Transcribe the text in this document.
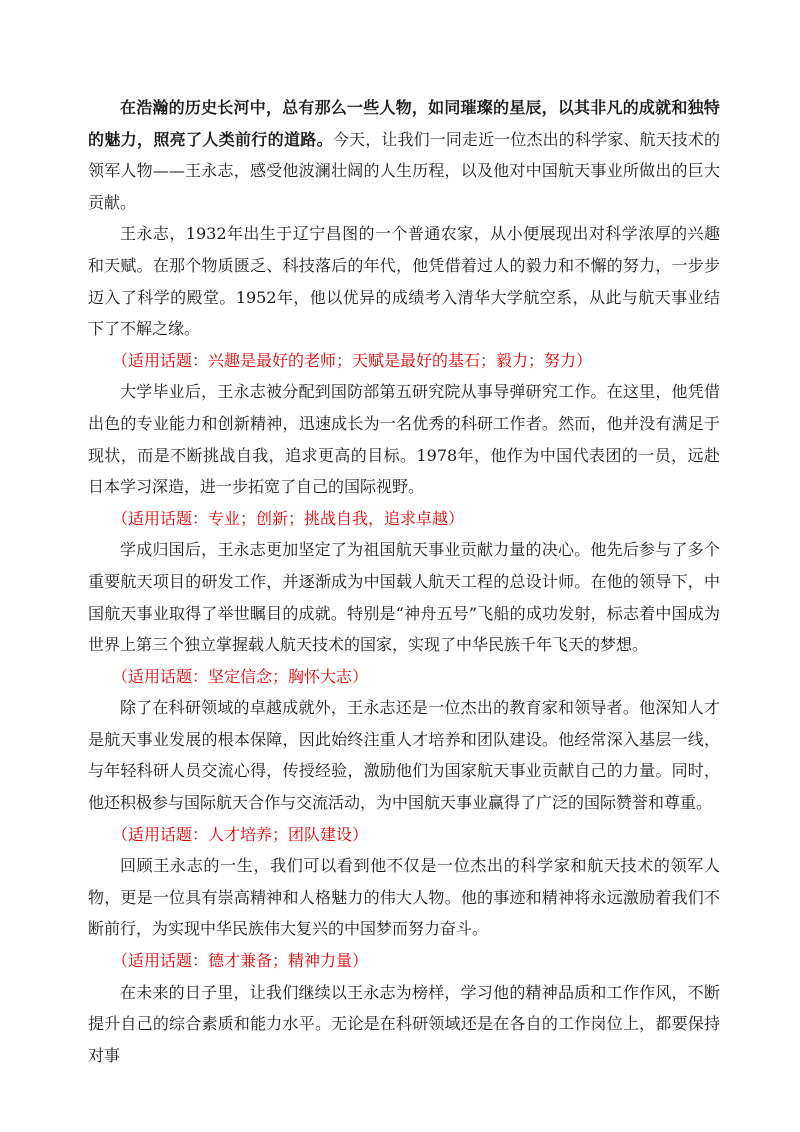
在浩瀚的历史长河中，总有那么一些人物，如同璀璨的星辰，以其非凡的成就和独特的魅力，照亮了人类前行的道路。今天，让我们一同走近一位杰出的科学家、航天技术的领军人物——王永志，感受他波澜壮阔的人生历程，以及他对中国航天事业所做出的巨大贡献。

王永志，1932年出生于辽宁昌图的一个普通农家，从小便展现出对科学浓厚的兴趣和天赋。在那个物质匮乏、科技落后的年代，他凭借着过人的毅力和不懈的努力，一步步迈入了科学的殿堂。1952年，他以优异的成绩考入清华大学航空系，从此与航天事业结下了不解之缘。

（适用话题：兴趣是最好的老师；天赋是最好的基石；毅力；努力）

大学毕业后，王永志被分配到国防部第五研究院从事导弹研究工作。在这里，他凭借出色的专业能力和创新精神，迅速成长为一名优秀的科研工作者。然而，他并没有满足于现状，而是不断挑战自我，追求更高的目标。1978年，他作为中国代表团的一员，远赴日本学习深造，进一步拓宽了自己的国际视野。

（适用话题：专业；创新；挑战自我，追求卓越）

学成归国后，王永志更加坚定了为祖国航天事业贡献力量的决心。他先后参与了多个重要航天项目的研发工作，并逐渐成为中国载人航天工程的总设计师。在他的领导下，中国航天事业取得了举世瞩目的成就。特别是“神舟五号”飞船的成功发射，标志着中国成为世界上第三个独立掌握载人航天技术的国家，实现了中华民族千年飞天的梦想。

（适用话题：坚定信念；胸怀大志）

除了在科研领域的卓越成就外，王永志还是一位杰出的教育家和领导者。他深知人才是航天事业发展的根本保障，因此始终注重人才培养和团队建设。他经常深入基层一线，与年轻科研人员交流心得，传授经验，激励他们为国家航天事业贡献自己的力量。同时，他还积极参与国际航天合作与交流活动，为中国航天事业赢得了广泛的国际赞誉和尊重。

（适用话题：人才培养；团队建设）

回顾王永志的一生，我们可以看到他不仅是一位杰出的科学家和航天技术的领军人物，更是一位具有崇高精神和人格魅力的伟大人物。他的事迹和精神将永远激励着我们不断前行，为实现中华民族伟大复兴的中国梦而努力奋斗。

（适用话题：德才兼备；精神力量）

在未来的日子里，让我们继续以王永志为榜样，学习他的精神品质和工作作风，不断提升自己的综合素质和能力水平。无论是在科研领域还是在各自的工作岗位上，都要保持对事
